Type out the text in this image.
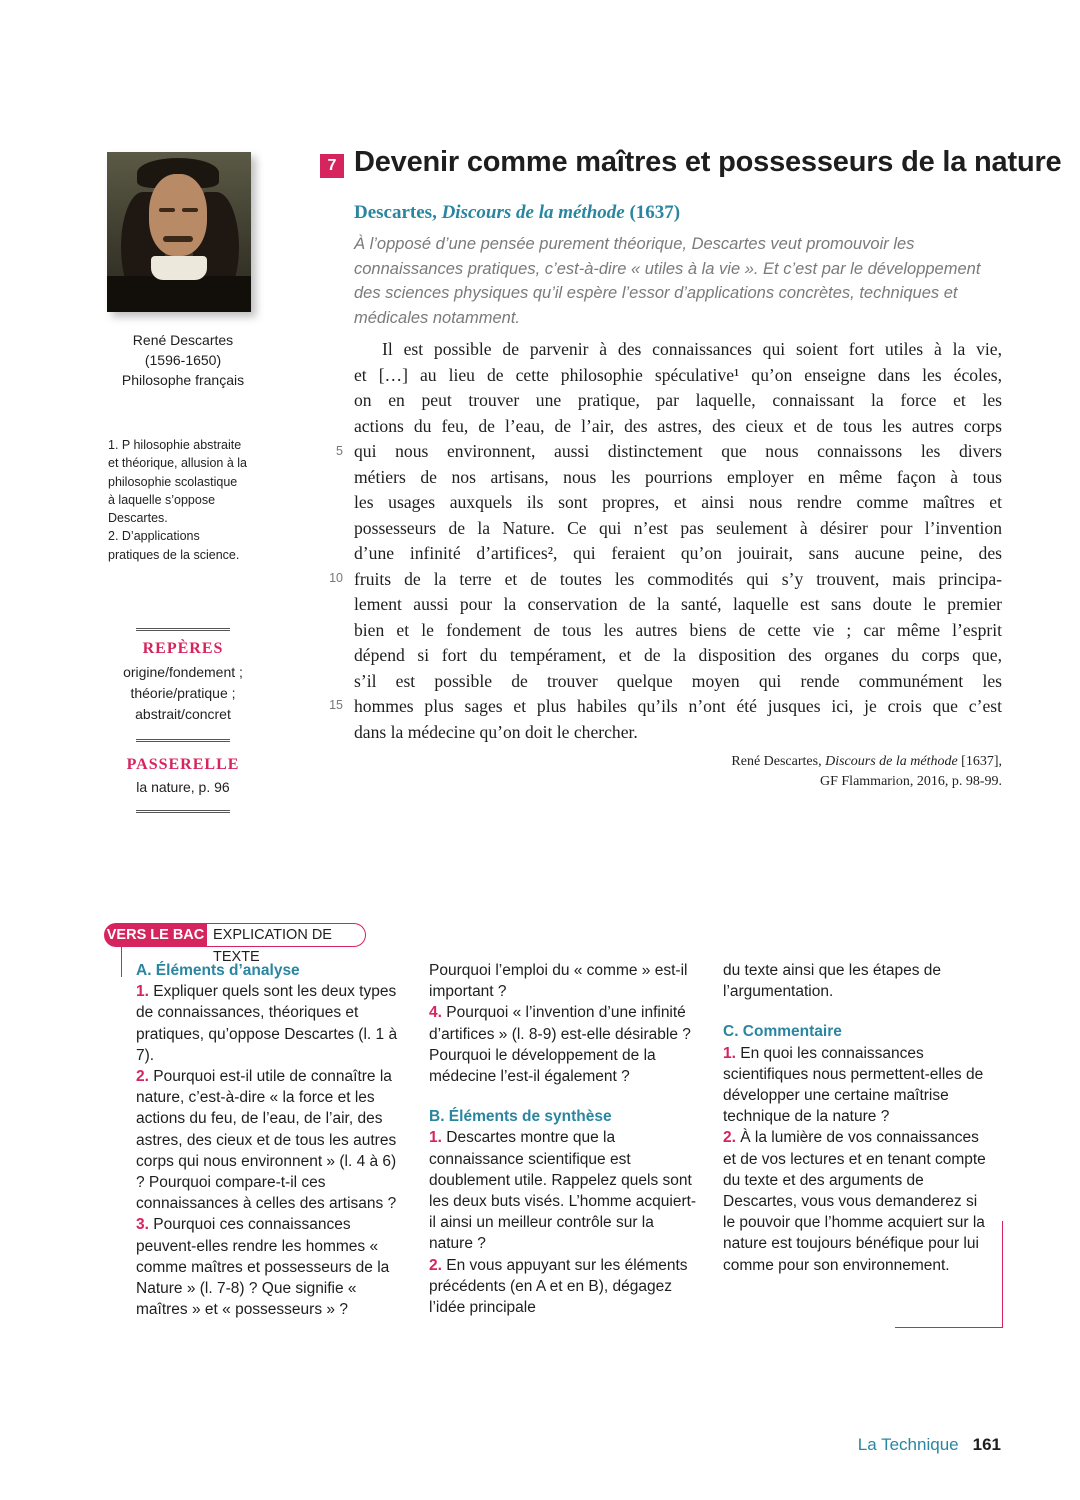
René Descartes
(1596-1650)
Philosophe français

1. P hilosophie abstraite

et théorique, allusion à la

philosophie scolastique

à laquelle s’oppose

Descartes.

2. D’applications

pratiques de la science.

REPÈRES
origine/fondement ;
théorie/pratique ;
abstrait/concret
PASSERELLE
la nature, p. 96
7 Devenir comme maîtres et possesseurs de la nature
Descartes, Discours de la méthode (1637)
À l’opposé d’une pensée purement théorique, Descartes veut promouvoir les connaissances pratiques, c’est-à-dire « utiles à la vie ». Et c’est par le développement des sciences physiques qu’il espère l’essor d’applications concrètes, techniques et médicales notamment.
Il est possible de parvenir à des connaissances qui soient fort utiles à la vie,
et […] au lieu de cette philosophie spéculative¹ qu’on enseigne dans les écoles,
on en peut trouver une pratique, par laquelle, connaissant la force et les
actions du feu, de l’eau, de l’air, des astres, des cieux et de tous les autres corps
qui nous environnent, aussi distinctement que nous connaissons les divers
métiers de nos artisans, nous les pourrions employer en même façon à tous
les usages auxquels ils sont propres, et ainsi nous rendre comme maîtres et
possesseurs de la Nature. Ce qui n’est pas seulement à désirer pour l’invention
d’une infinité d’artifices², qui feraient qu’on jouirait, sans aucune peine, des
fruits de la terre et de toutes les commodités qui s’y trouvent, mais principa-
lement aussi pour la conservation de la santé, laquelle est sans doute le premier
bien et le fondement de tous les autres biens de cette vie ; car même l’esprit
dépend si fort du tempérament, et de la disposition des organes du corps que,
s’il est possible de trouver quelque moyen qui rende communément les
hommes plus sages et plus habiles qu’ils n’ont été jusques ici, je crois que c’est
dans la médecine qu’on doit le chercher.
5
10
15
René Descartes, Discours de la méthode [1637],
GF Flammarion, 2016, p. 98-99.
VERS LE BAC EXPLICATION DE TEXTE
A. Éléments d’analyse

1. Expliquer quels sont les deux types de connaissances, théoriques et pratiques, qu’oppose Descartes (l. 1 à 7).

2. Pourquoi est-il utile de connaître la nature, c’est-à-dire « la force et les actions du feu, de l’eau, de l’air, des astres, des cieux et de tous les autres corps qui nous environnent » (l. 4 à 6) ? Pourquoi compare-t-il ces connaissances à celles des artisans ?

3. Pourquoi ces connaissances peuvent-elles rendre les hommes « comme maîtres et possesseurs de la Nature » (l. 7-8) ? Que signifie « maîtres » et « possesseurs » ?

Pourquoi l’emploi du « comme » est-il important ?

4. Pourquoi « l’invention d’une infinité d’artifices » (l. 8-9) est-elle désirable ? Pourquoi le développement de la médecine l’est-il également ?

B. Éléments de synthèse

1. Descartes montre que la connaissance scientifique est doublement utile. Rappelez quels sont les deux buts visés. L’homme acquiert-il ainsi un meilleur contrôle sur la nature ?

2. En vous appuyant sur les éléments précédents (en A et en B), dégagez l’idée principale

du texte ainsi que les étapes de l’argumentation.

C. Commentaire

1. En quoi les connaissances scientifiques nous permettent-elles de développer une certaine maîtrise technique de la nature ?

2. À la lumière de vos connaissances et de vos lectures et en tenant compte du texte et des arguments de Descartes, vous vous demanderez si le pouvoir que l’homme acquiert sur la nature est toujours bénéfique pour lui comme pour son environnement.

La Technique 161
